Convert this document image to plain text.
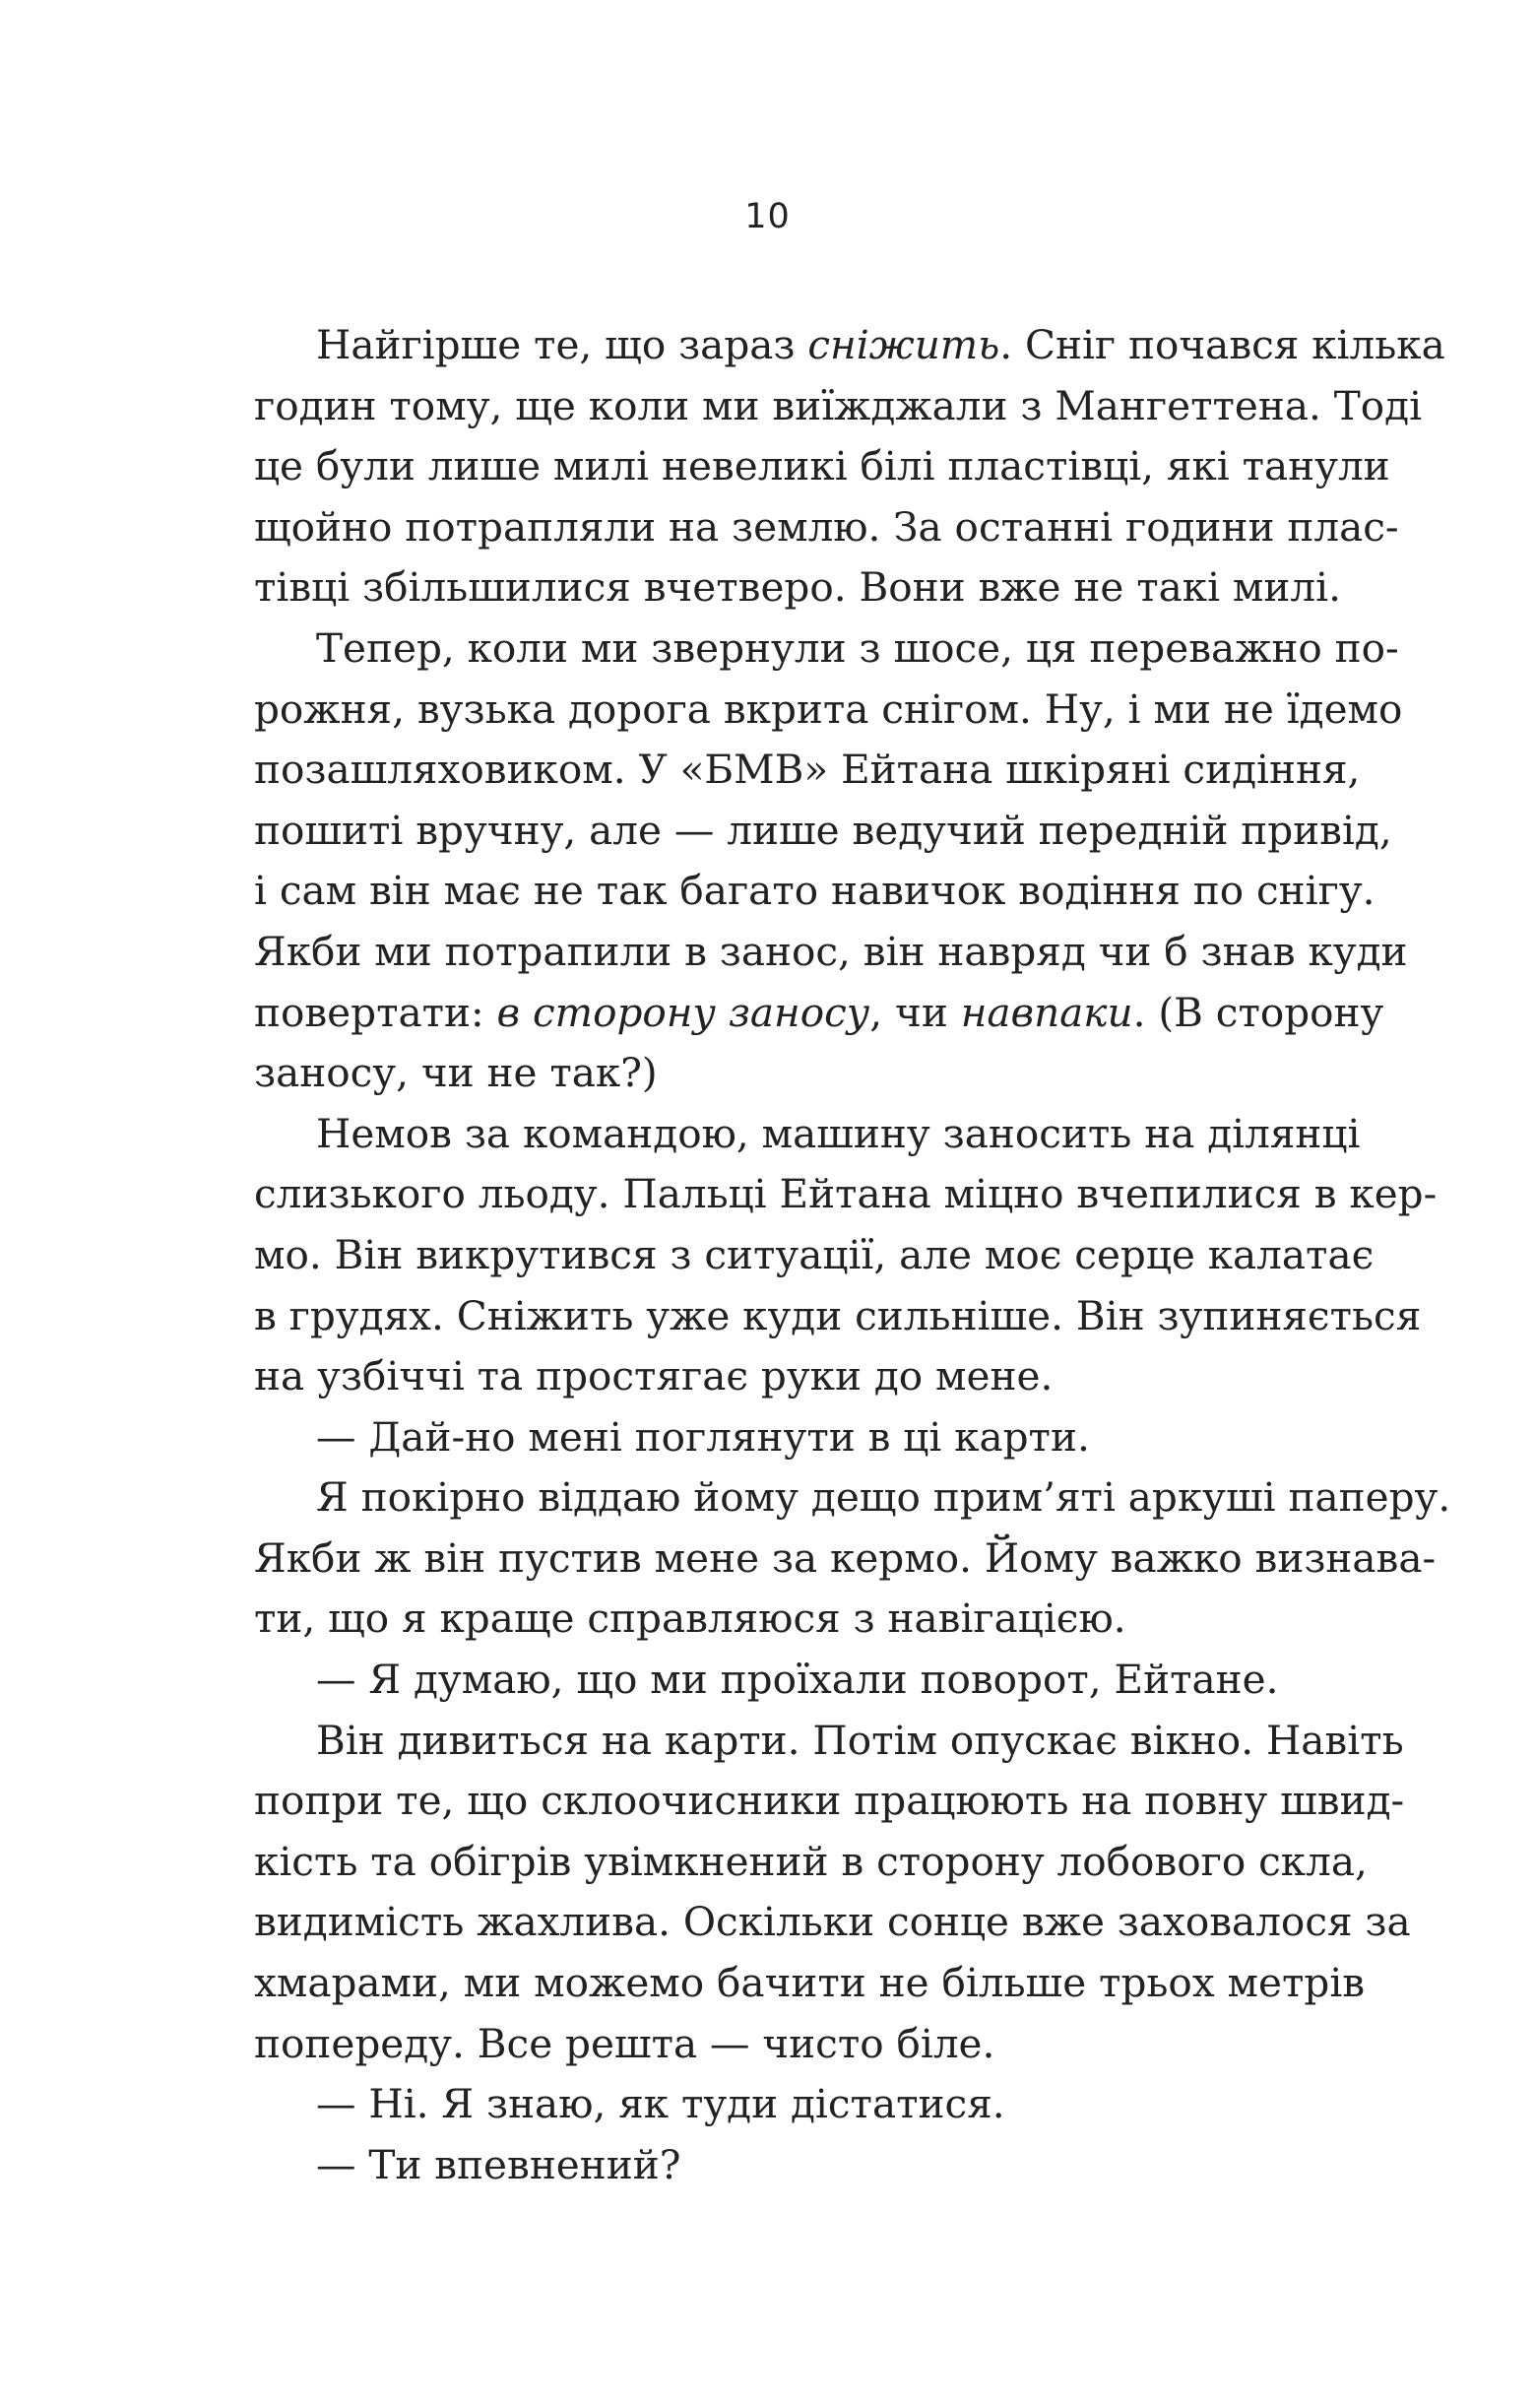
10
Найгірше те, що зараз сніжить. Сніг почався кілька
годин тому, ще коли ми виїжджали з Мангеттена. Тоді
це були лише милі невеликі білі пластівці, які танули
щойно потрапляли на землю. За останні години плас-
тівці збільшилися вчетверо. Вони вже не такі милі.
Тепер, коли ми звернули з шосе, ця переважно по-
рожня, вузька дорога вкрита снігом. Ну, і ми не їдемо
позашляховиком. У «БМВ» Ейтана шкіряні сидіння,
пошиті вручну, але — лише ведучий передній привід,
і сам він має не так багато навичок водіння по снігу.
Якби ми потрапили в занос, він навряд чи б знав куди
повертати: в сторону заносу, чи навпаки. (В сторону
заносу, чи не так?)
Немов за командою, машину заносить на ділянці
слизького льоду. Пальці Ейтана міцно вчепилися в кер-
мо. Він викрутився з ситуації, але моє серце калатає
в грудях. Сніжить уже куди сильніше. Він зупиняється
на узбіччі та простягає руки до мене.
— Дай-но мені поглянути в ці карти.
Я покірно віддаю йому дещо прим’яті аркуші паперу.
Якби ж він пустив мене за кермо. Йому важко визнава-
ти, що я краще справляюся з навігацією.
— Я думаю, що ми проїхали поворот, Ейтане.
Він дивиться на карти. Потім опускає вікно. Навіть
попри те, що склоочисники працюють на повну швид-
кість та обігрів увімкнений в сторону лобового скла,
видимість жахлива. Оскільки сонце вже заховалося за
хмарами, ми можемо бачити не більше трьох метрів
попереду. Все решта — чисто біле.
— Ні. Я знаю, як туди дістатися.
— Ти впевнений?
